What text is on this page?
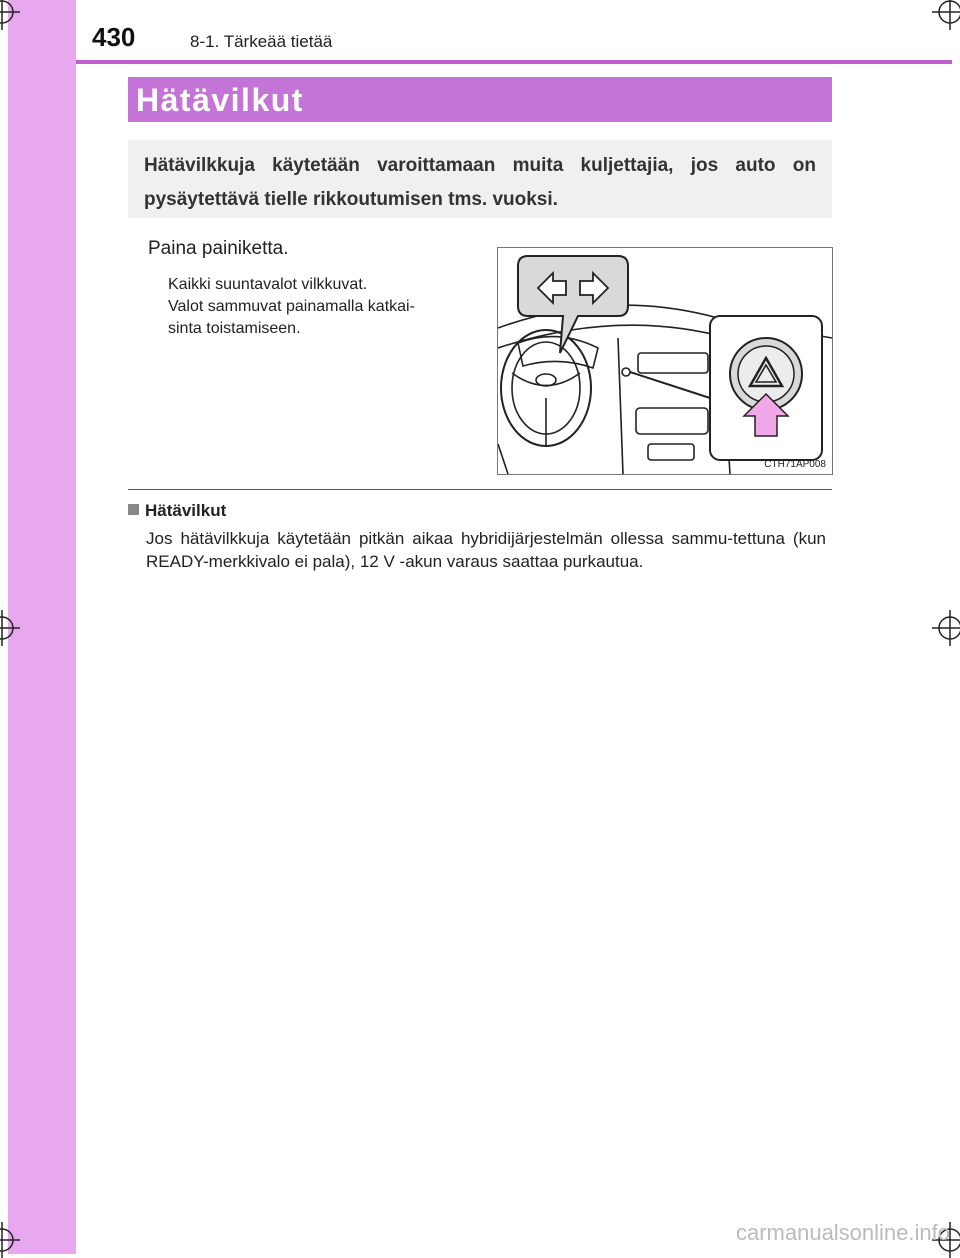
430	8-1. Tärkeää tietää
Hätävilkut

Hätävilkkuja käytetään varoittamaan muita kuljettajia, jos auto on pysäytettävä tielle rikkoutumisen tms. vuoksi.

Paina painiketta.

Kaikki suuntavalot vilkkuvat.
Valot sammuvat painamalla katkai-
sinta toistamiseen.

CTH71AP008
Hätävilkut

Jos hätävilkkuja käytetään pitkän aikaa hybridijärjestelmän ollessa sammu-tettuna (kun READY-merkkivalo ei pala), 12 V -akun varaus saattaa purkautua.

carmanualsonline.info
